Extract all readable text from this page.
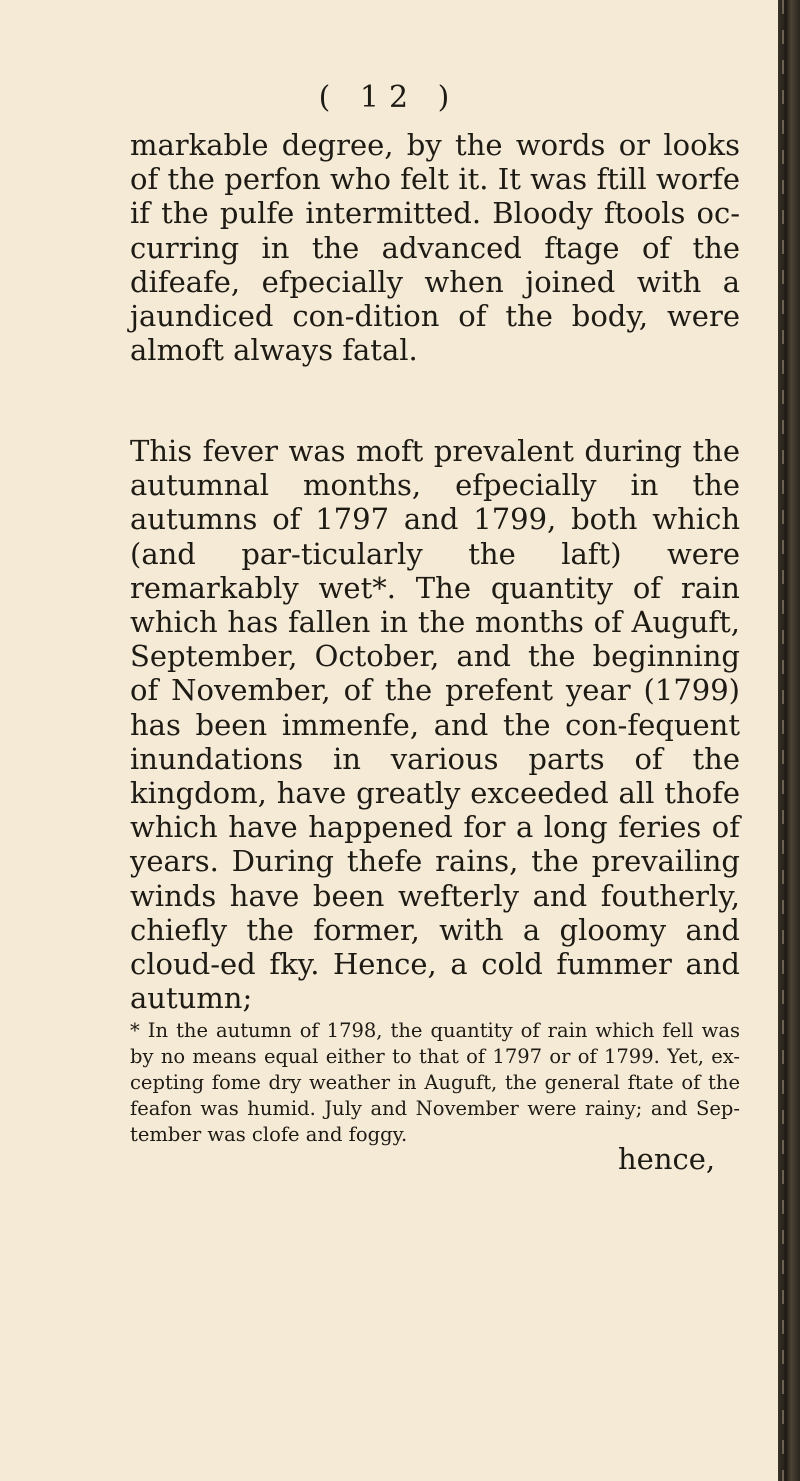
( 12 )

markable degree, by the words or looks of the perfon who felt it. It was ftill worfe if the pulfe intermitted. Bloody ftools oc-curring in the advanced ftage of the difeafe, efpecially when joined with a jaundiced con-dition of the body, were almoft always fatal.

This fever was moft prevalent during the autumnal months, efpecially in the autumns of 1797 and 1799, both which (and par-ticularly the laft) were remarkably wet*. The quantity of rain which has fallen in the months of Auguft, September, October, and the beginning of November, of the prefent year (1799) has been immenfe, and the con-fequent inundations in various parts of the kingdom, have greatly exceeded all thofe which have happened for a long feries of years. During thefe rains, the prevailing winds have been wefterly and foutherly, chiefly the former, with a gloomy and cloud-ed fky. Hence, a cold fummer and autumn;

* In the autumn of 1798, the quantity of rain which fell was by no means equal either to that of 1797 or of 1799. Yet, ex-cepting fome dry weather in Auguft, the general ftate of the feafon was humid. July and November were rainy; and Sep-tember was clofe and foggy.

hence,
